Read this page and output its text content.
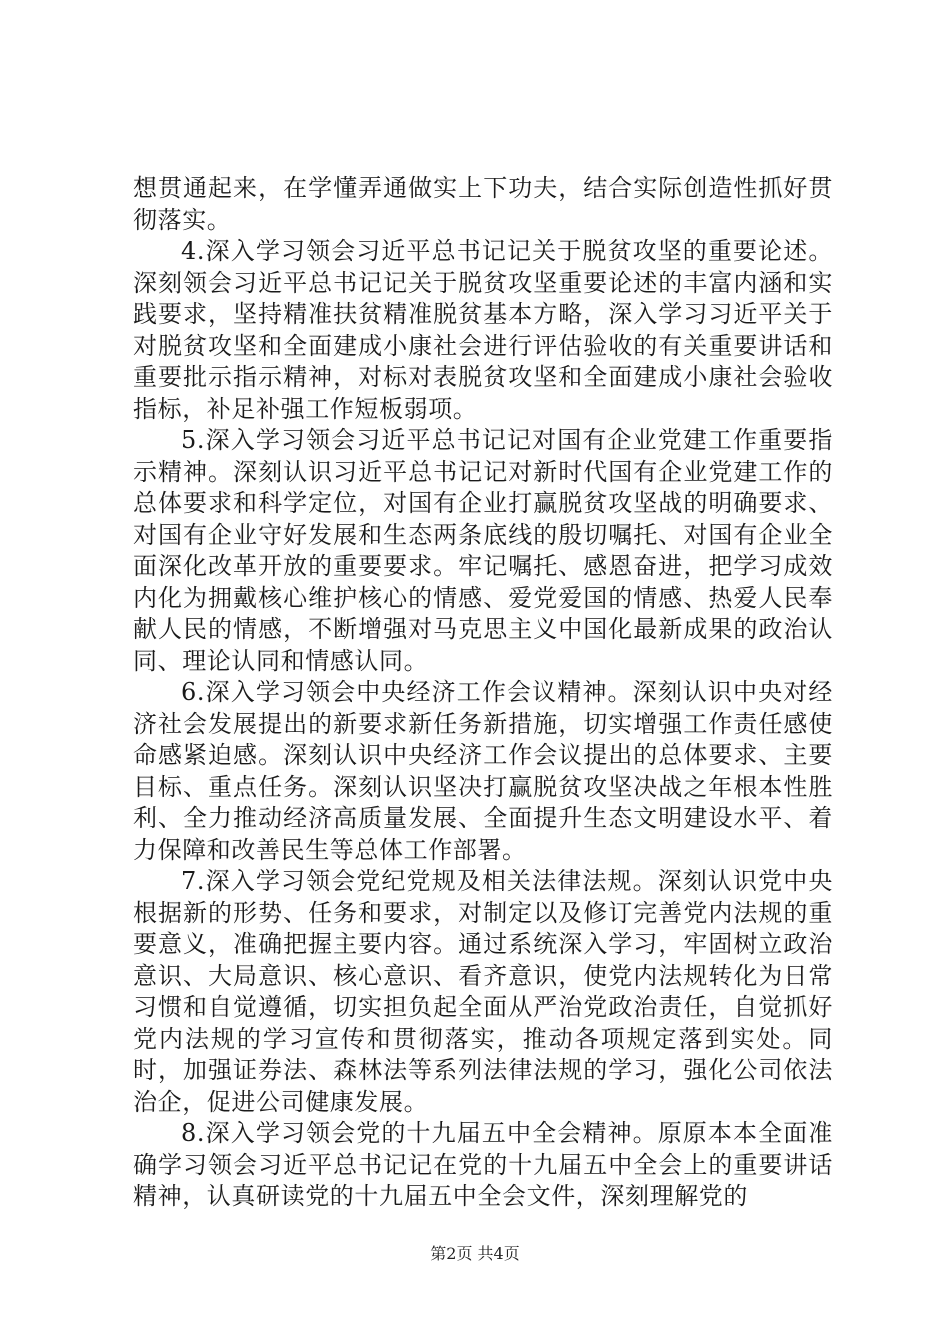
想贯通起来，在学懂弄通做实上下功夫，结合实际创造性抓好贯彻落实。

4.深入学习领会习近平总书记记关于脱贫攻坚的重要论述。深刻领会习近平总书记记关于脱贫攻坚重要论述的丰富内涵和实践要求，坚持精准扶贫精准脱贫基本方略，深入学习习近平关于对脱贫攻坚和全面建成小康社会进行评估验收的有关重要讲话和重要批示指示精神，对标对表脱贫攻坚和全面建成小康社会验收指标，补足补强工作短板弱项。

5.深入学习领会习近平总书记记对国有企业党建工作重要指示精神。深刻认识习近平总书记记对新时代国有企业党建工作的总体要求和科学定位，对国有企业打赢脱贫攻坚战的明确要求、对国有企业守好发展和生态两条底线的殷切嘱托、对国有企业全面深化改革开放的重要要求。牢记嘱托、感恩奋进，把学习成效内化为拥戴核心维护核心的情感、爱党爱国的情感、热爱人民奉献人民的情感，不断增强对马克思主义中国化最新成果的政治认同、理论认同和情感认同。

6.深入学习领会中央经济工作会议精神。深刻认识中央对经济社会发展提出的新要求新任务新措施，切实增强工作责任感使命感紧迫感。深刻认识中央经济工作会议提出的总体要求、主要目标、重点任务。深刻认识坚决打赢脱贫攻坚决战之年根本性胜利、全力推动经济高质量发展、全面提升生态文明建设水平、着力保障和改善民生等总体工作部署。

7.深入学习领会党纪党规及相关法律法规。深刻认识党中央根据新的形势、任务和要求，对制定以及修订完善党内法规的重要意义，准确把握主要内容。通过系统深入学习，牢固树立政治意识、大局意识、核心意识、看齐意识，使党内法规转化为日常习惯和自觉遵循，切实担负起全面从严治党政治责任，自觉抓好党内法规的学习宣传和贯彻落实，推动各项规定落到实处。同时，加强证券法、森林法等系列法律法规的学习，强化公司依法治企，促进公司健康发展。

8.深入学习领会党的十九届五中全会精神。原原本本全面准确学习领会习近平总书记记在党的十九届五中全会上的重要讲话精神，认真研读党的十九届五中全会文件，深刻理解党的

第2页 共4页
